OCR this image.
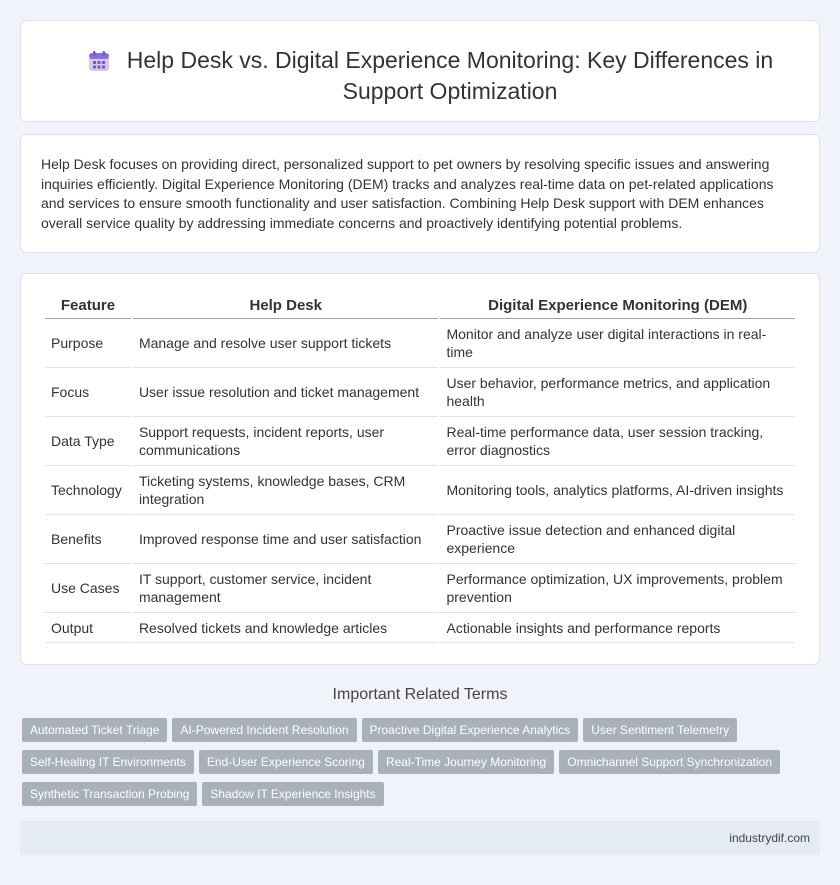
Help Desk vs. Digital Experience Monitoring: Key Differences in Support Optimization

Help Desk focuses on providing direct, personalized support to pet owners by resolving specific issues and answering inquiries efficiently. Digital Experience Monitoring (DEM) tracks and analyzes real-time data on pet-related applications and services to ensure smooth functionality and user satisfaction. Combining Help Desk support with DEM enhances overall service quality by addressing immediate concerns and proactively identifying potential problems.

Feature	Help Desk	Digital Experience Monitoring (DEM)
Purpose	Manage and resolve user support tickets	Monitor and analyze user digital interactions in real-time
Focus	User issue resolution and ticket management	User behavior, performance metrics, and application health
Data Type	Support requests, incident reports, user communications	Real-time performance data, user session tracking, error diagnostics
Technology	Ticketing systems, knowledge bases, CRM integration	Monitoring tools, analytics platforms, AI-driven insights
Benefits	Improved response time and user satisfaction	Proactive issue detection and enhanced digital experience
Use Cases	IT support, customer service, incident management	Performance optimization, UX improvements, problem prevention
Output	Resolved tickets and knowledge articles	Actionable insights and performance reports
Important Related Terms
Automated Ticket Triage AI-Powered Incident Resolution Proactive Digital Experience Analytics User Sentiment Telemetry
Self-Healing IT Environments End-User Experience Scoring Real-Time Journey Monitoring Omnichannel Support Synchronization
Synthetic Transaction Probing Shadow IT Experience Insights
industrydif.com
